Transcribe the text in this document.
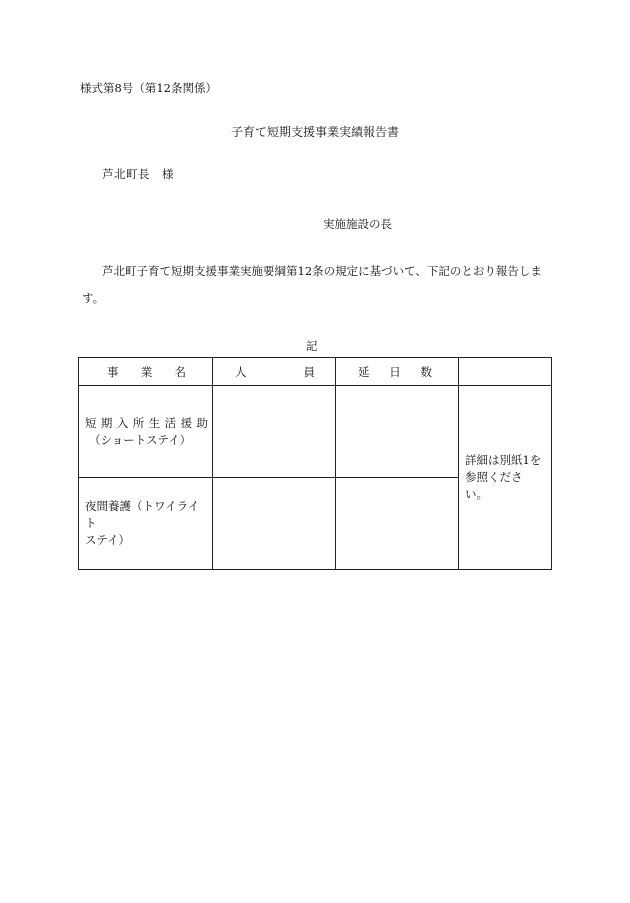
様式第8号（第12条関係）
子育て短期支援事業実績報告書
芦北町長　様
実施施設の長
芦北町子育て短期支援事業実施要綱第12条の規定に基づいて、下記のとおり報告しま
す。
記
事 業 名	人 員	延 日 数	

短期入所生活援助
（ショートステイ）			詳細は別紙1を
参照ください。

夜間養護（トワイライト
ステイ）			
